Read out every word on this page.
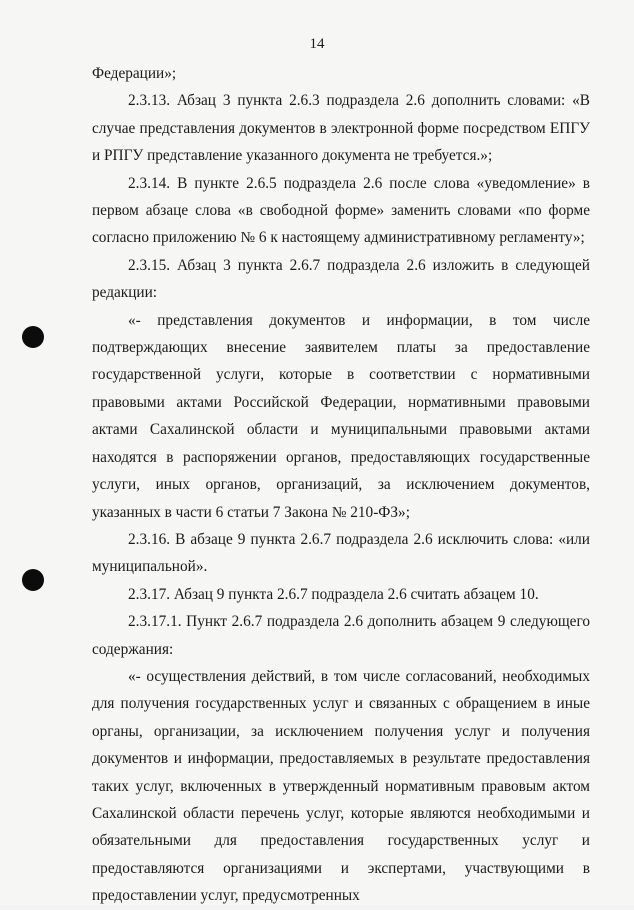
14

Федерации»;

2.3.13. Абзац 3 пункта 2.6.3 подраздела 2.6 дополнить словами: «В случае представления документов в электронной форме посредством ЕПГУ и РПГУ представление указанного документа не требуется.»;

2.3.14. В пункте 2.6.5 подраздела 2.6 после слова «уведомление» в первом абзаце слова «в свободной форме» заменить словами «по форме согласно приложению № 6 к настоящему административному регламенту»;

2.3.15. Абзац 3 пункта 2.6.7 подраздела 2.6 изложить в следующей редакции:

«- представления документов и информации, в том числе подтверждающих внесение заявителем платы за предоставление государственной услуги, которые в соответствии с нормативными правовыми актами Российской Федерации, нормативными правовыми актами Сахалинской области и муниципальными правовыми актами находятся в распоряжении органов, предоставляющих государственные услуги, иных органов, организаций, за исключением документов, указанных в части 6 статьи 7 Закона № 210-ФЗ»;

2.3.16. В абзаце 9 пункта 2.6.7 подраздела 2.6 исключить слова: «или муниципальной».

2.3.17. Абзац 9 пункта 2.6.7 подраздела 2.6 считать абзацем 10.

2.3.17.1. Пункт 2.6.7 подраздела 2.6 дополнить абзацем 9 следующего содержания:

«- осуществления действий, в том числе согласований, необходимых для получения государственных услуг и связанных с обращением в иные органы, организации, за исключением получения услуг и получения документов и информации, предоставляемых в результате предоставления таких услуг, включенных в утвержденный нормативным правовым актом Сахалинской области перечень услуг, которые являются необходимыми и обязательными для предоставления государственных услуг и предоставляются организациями и экспертами, участвующими в предоставлении услуг, предусмотренных
